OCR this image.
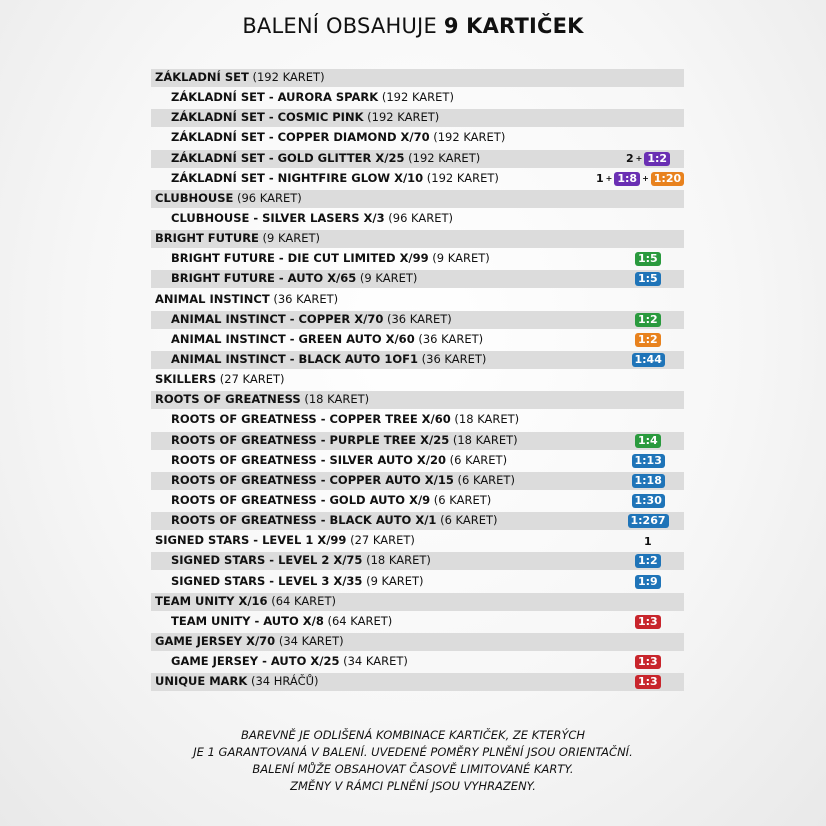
BALENÍ OBSAHUJE 9 KARTIČEK
ZÁKLADNÍ SET (192 KARET)
ZÁKLADNÍ SET - AURORA SPARK (192 KARET)
ZÁKLADNÍ SET - COSMIC PINK (192 KARET)
ZÁKLADNÍ SET - COPPER DIAMOND X/70 (192 KARET)
ZÁKLADNÍ SET - GOLD GLITTER X/25 (192 KARET)	2 + 1:2
ZÁKLADNÍ SET - NIGHTFIRE GLOW X/10 (192 KARET)	1 + 1:8 + 1:20
CLUBHOUSE (96 KARET)
CLUBHOUSE - SILVER LASERS X/3 (96 KARET)
BRIGHT FUTURE (9 KARET)
BRIGHT FUTURE - DIE CUT LIMITED X/99 (9 KARET)	1:5
BRIGHT FUTURE - AUTO X/65 (9 KARET)	1:5
ANIMAL INSTINCT (36 KARET)
ANIMAL INSTINCT - COPPER X/70 (36 KARET)	1:2
ANIMAL INSTINCT - GREEN AUTO X/60 (36 KARET)	1:2
ANIMAL INSTINCT - BLACK AUTO 1OF1 (36 KARET)	1:44
SKILLERS (27 KARET)
ROOTS OF GREATNESS (18 KARET)
ROOTS OF GREATNESS - COPPER TREE X/60 (18 KARET)
ROOTS OF GREATNESS - PURPLE TREE X/25 (18 KARET)	1:4
ROOTS OF GREATNESS - SILVER AUTO X/20 (6 KARET)	1:13
ROOTS OF GREATNESS - COPPER AUTO X/15 (6 KARET)	1:18
ROOTS OF GREATNESS - GOLD AUTO X/9 (6 KARET)	1:30
ROOTS OF GREATNESS - BLACK AUTO X/1 (6 KARET)	1:267
SIGNED STARS - LEVEL 1 X/99 (27 KARET)	1
SIGNED STARS - LEVEL 2 X/75 (18 KARET)	1:2
SIGNED STARS - LEVEL 3 X/35 (9 KARET)	1:9
TEAM UNITY X/16 (64 KARET)
TEAM UNITY - AUTO X/8 (64 KARET)	1:3
GAME JERSEY X/70 (34 KARET)
GAME JERSEY - AUTO X/25 (34 KARET)	1:3
UNIQUE MARK (34 HRÁČŮ)	1:3
BAREVNĚ JE ODLIŠENÁ KOMBINACE KARTIČEK, ZE KTERÝCH
JE 1 GARANTOVANÁ V BALENÍ. UVEDENÉ POMĚRY PLNĚNÍ JSOU ORIENTAČNÍ.
BALENÍ MŮŽE OBSAHOVAT ČASOVĚ LIMITOVANÉ KARTY.
ZMĚNY V RÁMCI PLNĚNÍ JSOU VYHRAZENY.
